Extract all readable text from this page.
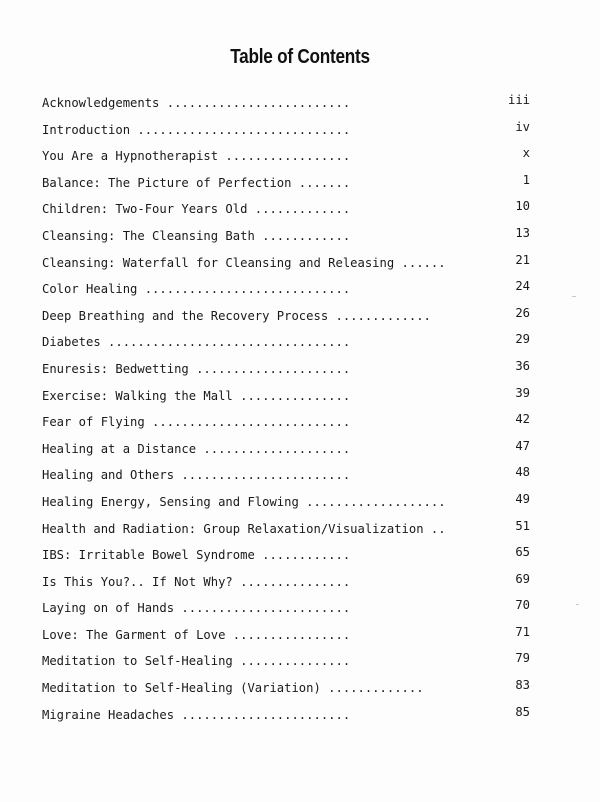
Table of Contents
Acknowledgements .........................	iii
Introduction .............................	iv
You Are a Hypnotherapist .................	x
Balance: The Picture of Perfection .......	1
Children: Two-Four Years Old .............	10
Cleansing: The Cleansing Bath ............	13
Cleansing: Waterfall for Cleansing and Releasing ......	21
Color Healing ............................	24
Deep Breathing and the Recovery Process .............	26
Diabetes .................................	29
Enuresis: Bedwetting .....................	36
Exercise: Walking the Mall ...............	39
Fear of Flying ...........................	42
Healing at a Distance ....................	47
Healing and Others .......................	48
Healing Energy, Sensing and Flowing ...................	49
Health and Radiation: Group Relaxation/Visualization ..	51
IBS: Irritable Bowel Syndrome ............	65
Is This You?.. If Not Why? ...............	69
Laying on of Hands .......................	70
Love: The Garment of Love ................	71
Meditation to Self-Healing ...............	79
Meditation to Self-Healing (Variation) .............	83
Migraine Headaches .......................	85
